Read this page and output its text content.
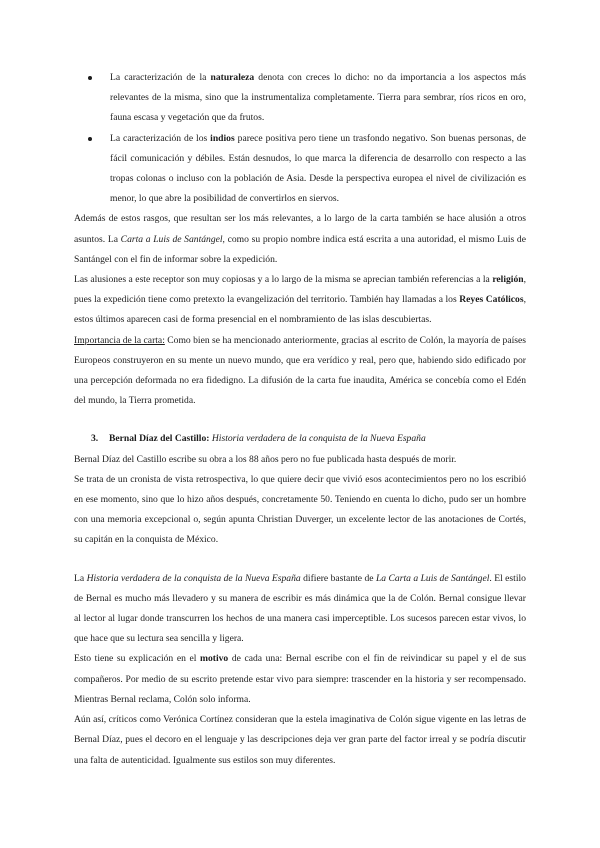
La caracterización de la naturaleza denota con creces lo dicho: no da importancia a los aspectos más relevantes de la misma, sino que la instrumentaliza completamente. Tierra para sembrar, ríos ricos en oro, fauna escasa y vegetación que da frutos.
La caracterización de los indios parece positiva pero tiene un trasfondo negativo. Son buenas personas, de fácil comunicación y débiles. Están desnudos, lo que marca la diferencia de desarrollo con respecto a las tropas colonas o incluso con la población de Asia. Desde la perspectiva europea el nivel de civilización es menor, lo que abre la posibilidad de convertirlos en siervos.

Además de estos rasgos, que resultan ser los más relevantes, a lo largo de la carta también se hace alusión a otros asuntos. La Carta a Luis de Santángel, como su propio nombre indica está escrita a una autoridad, el mismo Luis de Santángel con el fin de informar sobre la expedición.

Las alusiones a este receptor son muy copiosas y a lo largo de la misma se aprecian también referencias a la religión, pues la expedición tiene como pretexto la evangelización del territorio. También hay llamadas a los Reyes Católicos, estos últimos aparecen casi de forma presencial en el nombramiento de las islas descubiertas.

Importancia de la carta: Como bien se ha mencionado anteriormente, gracias al escrito de Colón, la mayoría de países Europeos construyeron en su mente un nuevo mundo, que era verídico y real, pero que, habiendo sido edificado por una percepción deformada no era fidedigno. La difusión de la carta fue inaudita, América se concebía como el Edén del mundo, la Tierra prometida.

3. Bernal Díaz del Castillo: Historia verdadera de la conquista de la Nueva España

Bernal Díaz del Castillo escribe su obra a los 88 años pero no fue publicada hasta después de morir.

Se trata de un cronista de vista retrospectiva, lo que quiere decir que vivió esos acontecimientos pero no los escribió en ese momento, sino que lo hizo años después, concretamente 50. Teniendo en cuenta lo dicho, pudo ser un hombre con una memoria excepcional o, según apunta Christian Duverger, un excelente lector de las anotaciones de Cortés, su capitán en la conquista de México.

La Historia verdadera de la conquista de la Nueva España difiere bastante de La Carta a Luis de Santángel. El estilo de Bernal es mucho más llevadero y su manera de escribir es más dinámica que la de Colón. Bernal consigue llevar al lector al lugar donde transcurren los hechos de una manera casi imperceptible. Los sucesos parecen estar vivos, lo que hace que su lectura sea sencilla y ligera.

Esto tiene su explicación en el motivo de cada una: Bernal escribe con el fin de reivindicar su papel y el de sus compañeros. Por medio de su escrito pretende estar vivo para siempre: trascender en la historia y ser recompensado. Mientras Bernal reclama, Colón solo informa.

Aún así, críticos como Verónica Cortínez consideran que la estela imaginativa de Colón sigue vigente en las letras de Bernal Díaz, pues el decoro en el lenguaje y las descripciones deja ver gran parte del factor irreal y se podría discutir una falta de autenticidad. Igualmente sus estilos son muy diferentes.
